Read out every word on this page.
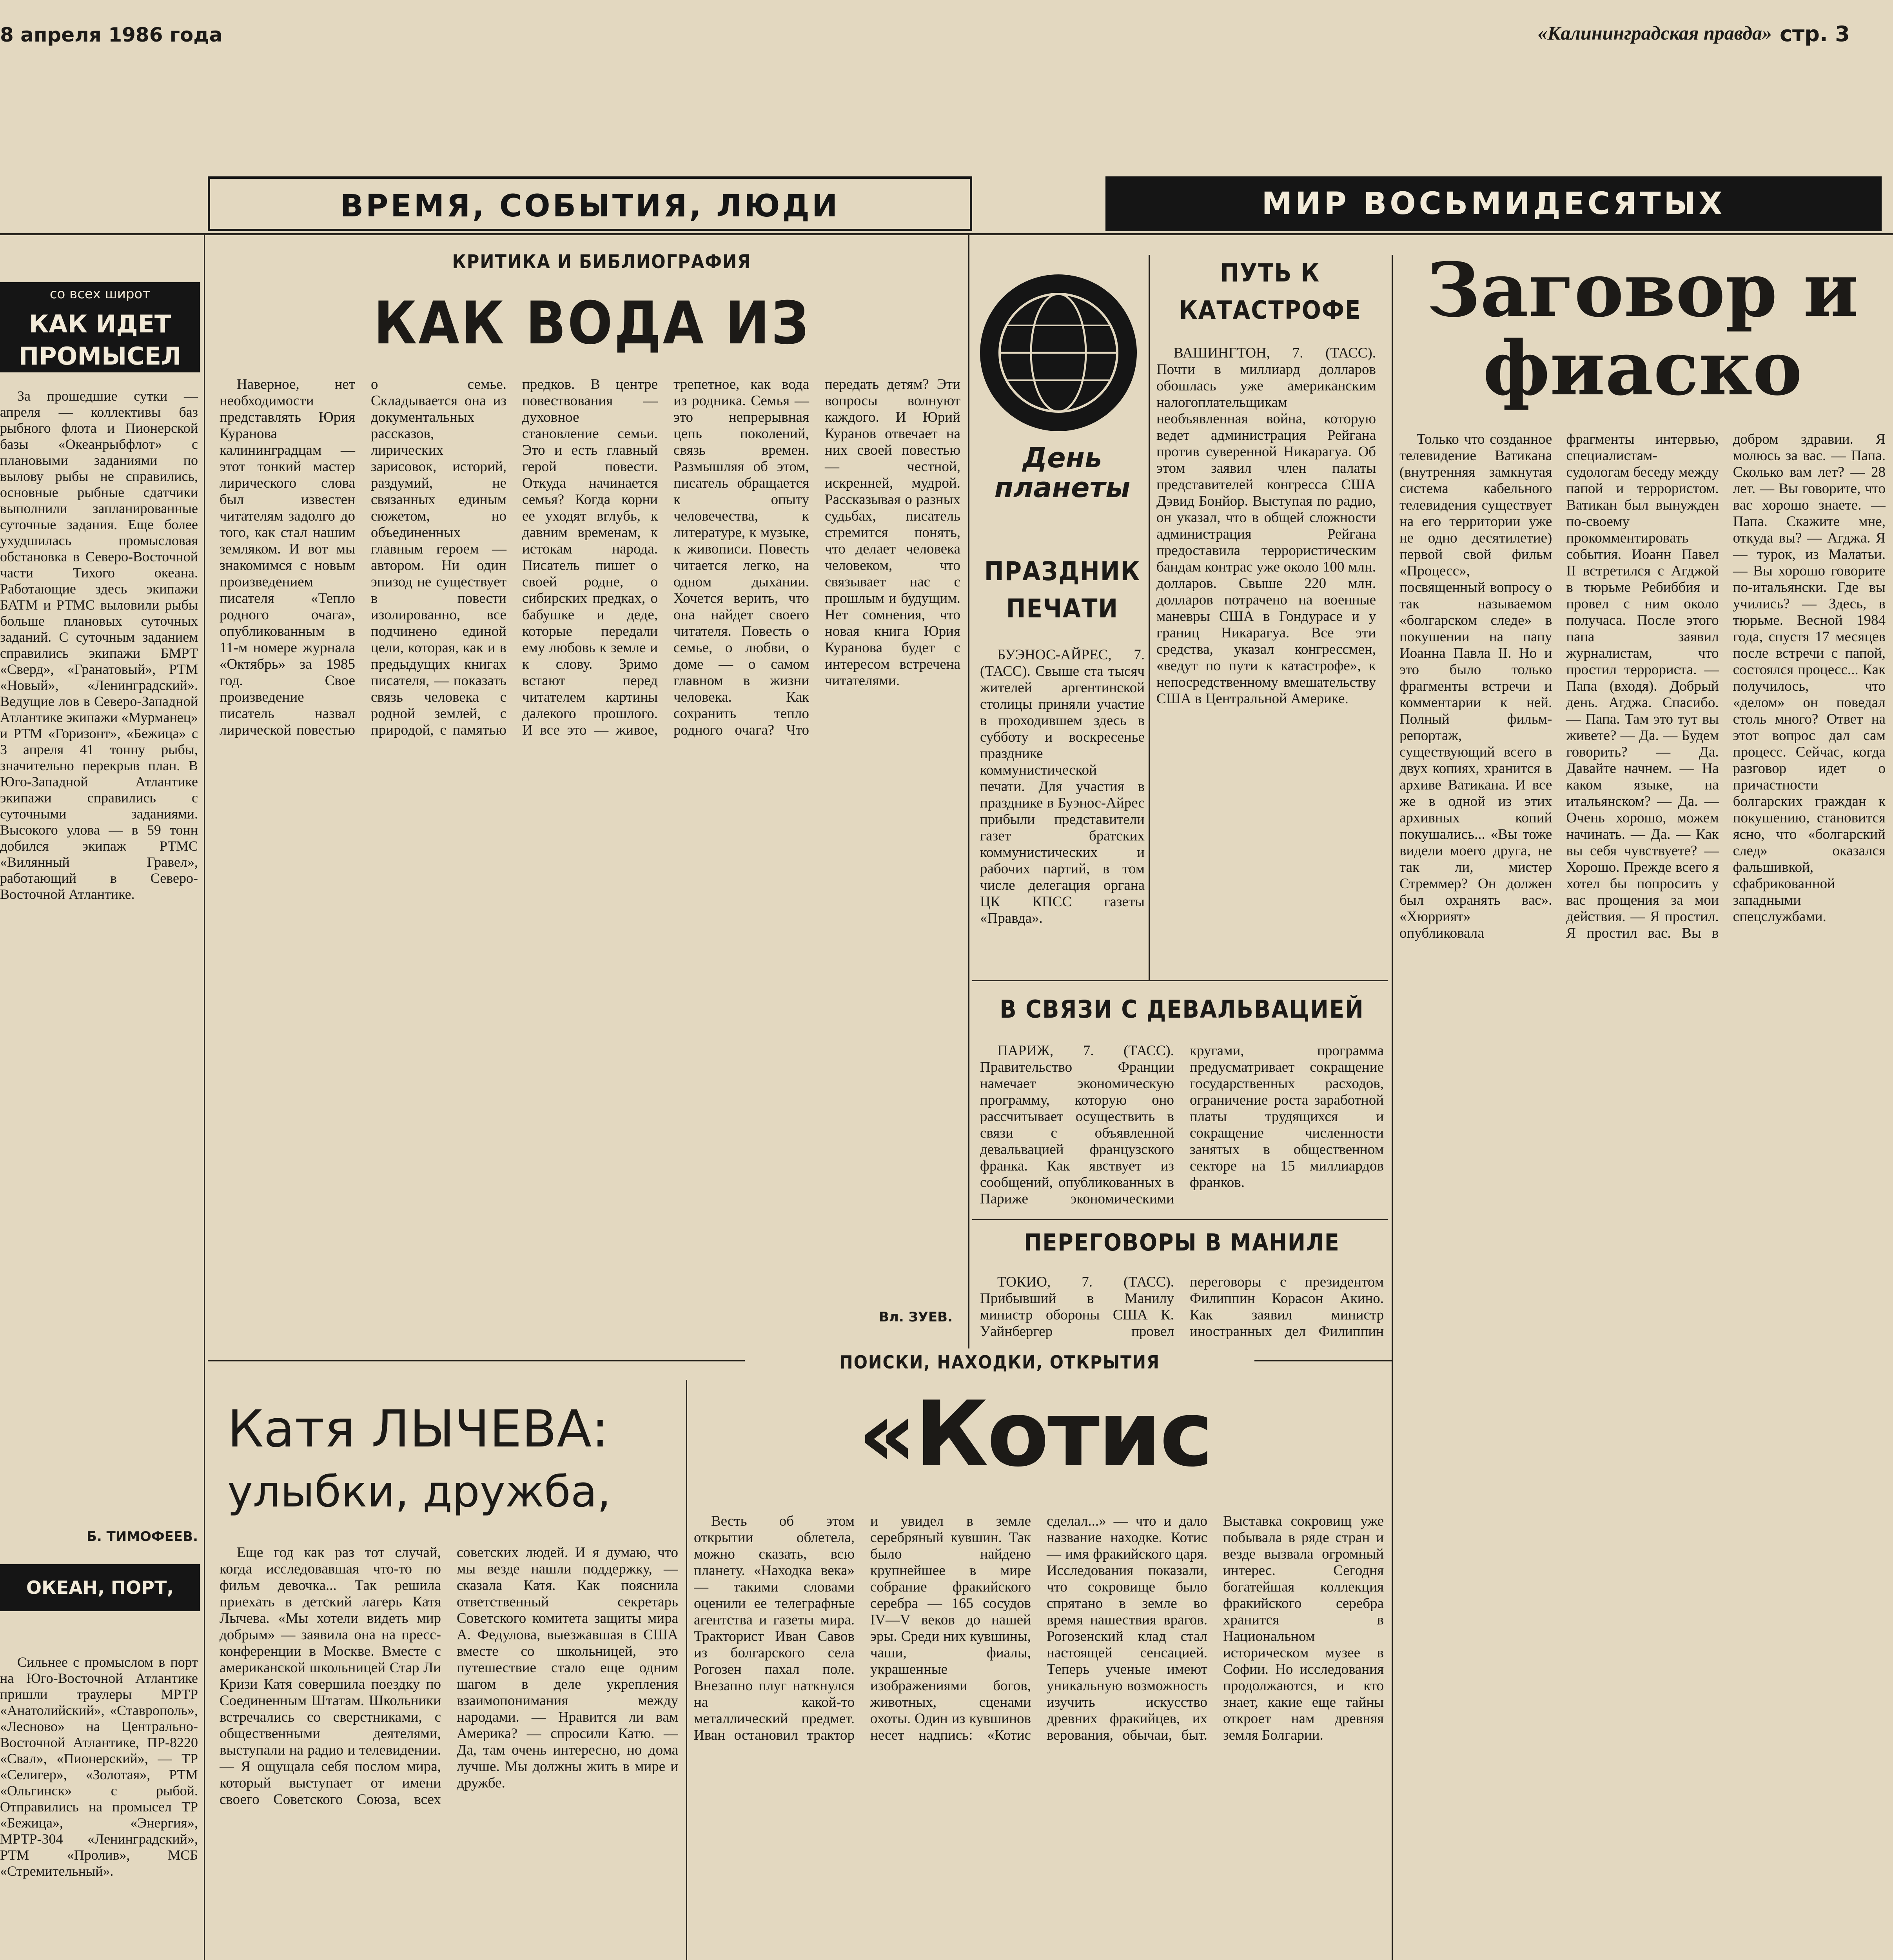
8 апреля 1986 года	«Калининградская правда» стр. 3
ВРЕМЯ, СОБЫТИЯ, ЛЮДИ	МИР ВОСЬМИДЕСЯТЫХ
со всех широт
КАК ИДЕТ ПРОМЫСЕЛ

За прошедшие сутки — апреля — коллективы баз рыбного флота и Пионерской базы «Океанрыбфлот» с плановыми заданиями по вылову рыбы не справились, основные рыбные сдатчики выполнили запланированные суточные задания. Еще более ухудшилась промысловая обстановка в Северо-Восточной части Тихого океана. Работающие здесь экипажи БАТМ и РТМС выловили рыбы больше плановых суточных заданий. С суточным заданием справились экипажи БМРТ «Сверд», «Гранатовый», РТМ «Новый», «Ленинградский». Ведущие лов в Северо-Западной Атлантике экипажи «Мурманец» и РТМ «Горизонт», «Бежица» с 3 апреля 41 тонну рыбы, значительно перекрыв план. В Юго-Западной Атлантике экипажи справились с суточными заданиями. Высокого улова — в 59 тонн добился экипаж РТМС «Вилянный Гравел», работающий в Северо-Восточной Атлантике.

Б. ТИМОФЕЕВ.
ОКЕАН, ПОРТ,

Сильнее с промыслом в порт на Юго-Восточной Атлантике пришли траулеры МРТР «Анатолийский», «Ставрополь», «Лесново» на Центрально-Восточной Атлантике, ПР-8220 «Свал», «Пионерский», — ТР «Селигер», «Золотая», РТМ «Ольгинск» с рыбой. Отправились на промысел ТР «Бежица», «Энергия», МРТР-304 «Ленинградский», РТМ «Пролив», МСБ «Стремительный».

КРИТИКА И БИБЛИОГРАФИЯ
КАК ВОДА ИЗ

Наверное, нет необходимости представлять Юрия Куранова калининградцам — этот тонкий мастер лирического слова был известен читателям задолго до того, как стал нашим земляком. И вот мы знакомимся с новым произведением писателя «Тепло родного очага», опубликованным в 11-м номере журнала «Октябрь» за 1985 год. Свое произведение писатель назвал лирической повестью о семье. Складывается она из документальных рассказов, лирических зарисовок, историй, раздумий, не связанных единым сюжетом, но объединенных главным героем — автором. Ни один эпизод не существует в повести изолированно, все подчинено единой цели, которая, как и в предыдущих книгах писателя, — показать связь человека с родной землей, с природой, с памятью предков. В центре повествования — духовное становление семьи. Это и есть главный герой повести. Откуда начинается семья? Когда корни ее уходят вглубь, к давним временам, к истокам народа. Писатель пишет о своей родне, о сибирских предках, о бабушке и деде, которые передали ему любовь к земле и к слову. Зримо встают перед читателем картины далекого прошлого. И все это — живое, трепетное, как вода из родника. Семья — это непрерывная цепь поколений, связь времен. Размышляя об этом, писатель обращается к опыту человечества, к литературе, к музыке, к живописи. Повесть читается легко, на одном дыхании. Хочется верить, что она найдет своего читателя. Повесть о семье, о любви, о доме — о самом главном в жизни человека. Как сохранить тепло родного очага? Что передать детям? Эти вопросы волнуют каждого. И Юрий Куранов отвечает на них своей повестью — честной, искренней, мудрой. Рассказывая о разных судьбах, писатель стремится понять, что делает человека человеком, что связывает нас с прошлым и будущим. Нет сомнения, что новая книга Юрия Куранова будет с интересом встречена читателями.

Вл. ЗУЕВ.
День планеты
ПРАЗДНИК ПЕЧАТИ

БУЭНОС-АЙРЕС, 7. (ТАСС). Свыше ста тысяч жителей аргентинской столицы приняли участие в проходившем здесь в субботу и воскресенье празднике коммунистической печати. Для участия в празднике в Буэнос-Айрес прибыли представители газет братских коммунистических и рабочих партий, в том числе делегация органа ЦК КПСС газеты «Правда».

ПУТЬ К КАТАСТРОФЕ

ВАШИНГТОН, 7. (ТАСС). Почти в миллиард долларов обошлась уже американским налогоплательщикам необъявленная война, которую ведет администрация Рейгана против суверенной Никарагуа. Об этом заявил член палаты представителей конгресса США Дэвид Бонйор. Выступая по радио, он указал, что в общей сложности администрация Рейгана предоставила террористическим бандам контрас уже около 100 млн. долларов. Свыше 220 млн. долларов потрачено на военные маневры США в Гондурасе и у границ Никарагуа. Все эти средства, указал конгрессмен, «ведут по пути к катастрофе», к непосредственному вмешательству США в Центральной Америке.

В СВЯЗИ С ДЕВАЛЬВАЦИЕЙ

ПАРИЖ, 7. (ТАСС). Правительство Франции намечает экономическую программу, которую оно рассчитывает осуществить в связи с объявленной девальвацией французского франка. Как явствует из сообщений, опубликованных в Париже экономическими кругами, программа предусматривает сокращение государственных расходов, ограничение роста заработной платы трудящихся и сокращение численности занятых в общественном секторе на 15 миллиардов франков.

ПЕРЕГОВОРЫ В МАНИЛЕ

ТОКИО, 7. (ТАСС). Прибывший в Манилу министр обороны США К. Уайнбергер провел переговоры с президентом Филиппин Корасон Акино. Как заявил министр иностранных дел Филиппин

Заговор и фиаско

Только что созданное телевидение Ватикана (внутренняя замкнутая система кабельного телевидения существует на его территории уже не одно десятилетие) первой свой фильм «Процесс», посвященный вопросу о так называемом «болгарском следе» в покушении на папу Иоанна Павла II. Но и это было только фрагменты встречи и комментарии к ней. Полный фильм-репортаж, существующий всего в двух копиях, хранится в архиве Ватикана. И все же в одной из этих архивных копий покушались... «Вы тоже видели моего друга, не так ли, мистер Стреммер? Он должен был охранять вас». «Хюррият» опубликовала фрагменты интервью, специалистам-судологам беседу между папой и террористом. Ватикан был вынужден по-своему прокомментировать события. Иоанн Павел II встретился с Агджой в тюрьме Ребиббия и провел с ним около получаса. После этого папа заявил журналистам, что простил террориста. — Папа (входя). Добрый день. Агджа. Спасибо. — Папа. Там это тут вы живете? — Да. — Будем говорить? — Да. Давайте начнем. — На каком языке, на итальянском? — Да. — Очень хорошо, можем начинать. — Да. — Как вы себя чувствуете? — Хорошо. Прежде всего я хотел бы попросить у вас прощения за мои действия. — Я простил. Я простил вас. Вы в добром здравии. Я молюсь за вас. — Папа. Сколько вам лет? — 28 лет. — Вы говорите, что вас хорошо знаете. — Папа. Скажите мне, откуда вы? — Агджа. Я — турок, из Малатьи. — Вы хорошо говорите по-итальянски. Где вы учились? — Здесь, в тюрьме. Весной 1984 года, спустя 17 месяцев после встречи с папой, состоялся процесс... Как получилось, что «делом» он поведал столь много? Ответ на этот вопрос дал сам процесс. Сейчас, когда разговор идет о причастности болгарских граждан к покушению, становится ясно, что «болгарский след» оказался фальшивкой, сфабрикованной западными спецслужбами.

ПОИСКИ, НАХОДКИ, ОТКРЫТИЯ
«Котис

Весть об этом открытии облетела, можно сказать, всю планету. «Находка века» — такими словами оценили ее телеграфные агентства и газеты мира. Тракторист Иван Савов из болгарского села Рогозен пахал поле. Внезапно плуг наткнулся на какой-то металлический предмет. Иван остановил трактор и увидел в земле серебряный кувшин. Так было найдено крупнейшее в мире собрание фракийского серебра — 165 сосудов IV—V веков до нашей эры. Среди них кувшины, чаши, фиалы, украшенные изображениями богов, животных, сценами охоты. Один из кувшинов несет надпись: «Котис сделал...» — что и дало название находке. Котис — имя фракийского царя. Исследования показали, что сокровище было спрятано в земле во время нашествия врагов. Рогозенский клад стал настоящей сенсацией. Теперь ученые имеют уникальную возможность изучить искусство древних фракийцев, их верования, обычаи, быт. Выставка сокровищ уже побывала в ряде стран и везде вызвала огромный интерес. Сегодня богатейшая коллекция фракийского серебра хранится в Национальном историческом музее в Софии. Но исследования продолжаются, и кто знает, какие еще тайны откроет нам древняя земля Болгарии.

Катя ЛЫЧЕВА:
улыбки, дружба,

Еще год как раз тот случай, когда исследовавшая что-то по фильм девочка... Так решила приехать в детский лагерь Катя Лычева. «Мы хотели видеть мир добрым» — заявила она на пресс-конференции в Москве. Вместе с американской школьницей Стар Ли Кризи Катя совершила поездку по Соединенным Штатам. Школьники встречались со сверстниками, с общественными деятелями, выступали на радио и телевидении. — Я ощущала себя послом мира, который выступает от имени своего Советского Союза, всех советских людей. И я думаю, что мы везде нашли поддержку, — сказала Катя. Как пояснила ответственный секретарь Советского комитета защиты мира А. Федулова, выезжавшая в США вместе со школьницей, это путешествие стало еще одним шагом в деле укрепления взаимопонимания между народами. — Нравится ли вам Америка? — спросили Катю. — Да, там очень интересно, но дома лучше. Мы должны жить в мире и дружбе.
